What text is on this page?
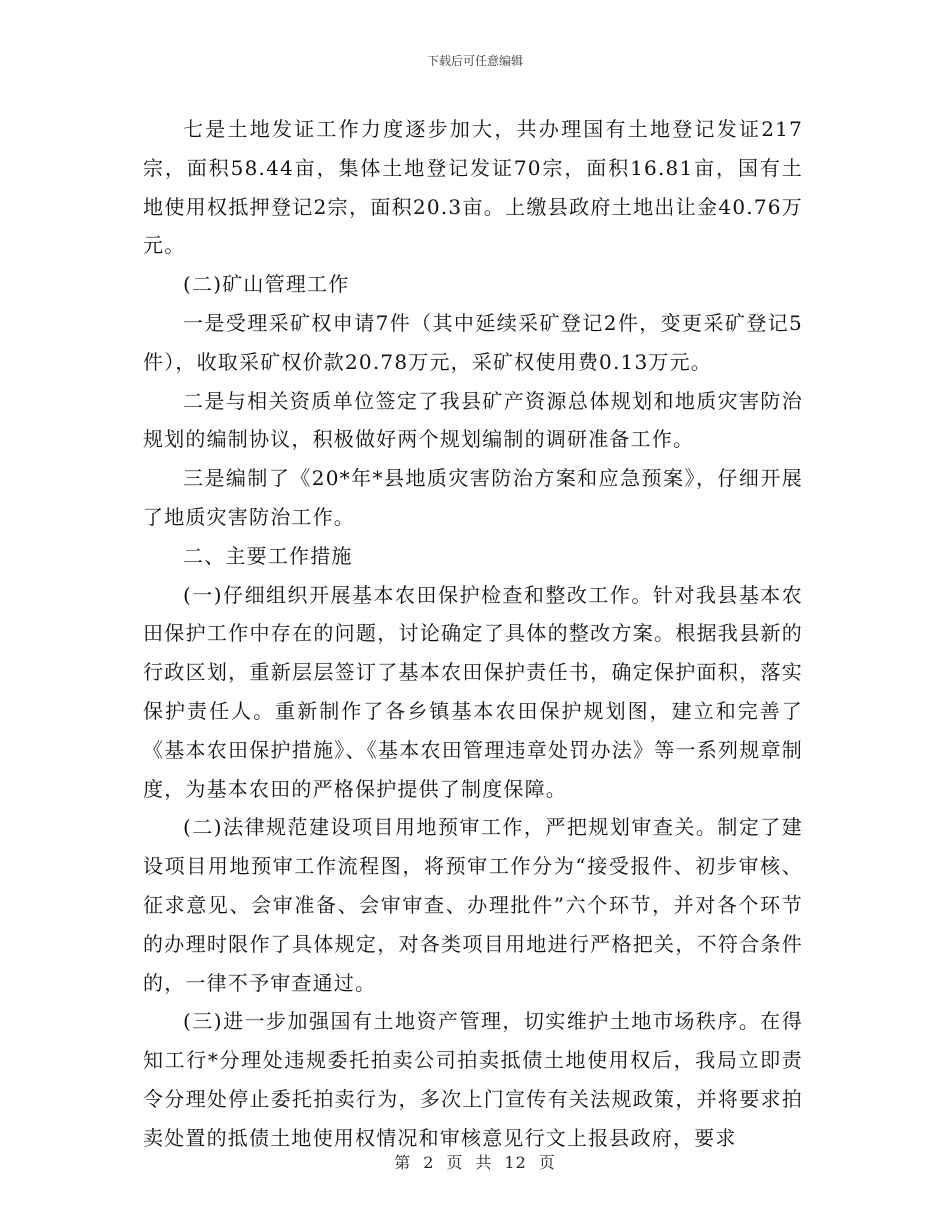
下载后可任意编辑

七是土地发证工作力度逐步加大，共办理国有土地登记发证217宗，面积58.44亩，集体土地登记发证70宗，面积16.81亩，国有土地使用权抵押登记2宗，面积20.3亩。上缴县政府土地出让金40.76万元。

(二)矿山管理工作

一是受理采矿权申请7件（其中延续采矿登记2件，变更采矿登记5件），收取采矿权价款20.78万元，采矿权使用费0.13万元。

二是与相关资质单位签定了我县矿产资源总体规划和地质灾害防治规划的编制协议，积极做好两个规划编制的调研准备工作。

三是编制了《20*年*县地质灾害防治方案和应急预案》，仔细开展了地质灾害防治工作。

二、主要工作措施

(一)仔细组织开展基本农田保护检查和整改工作。针对我县基本农田保护工作中存在的问题，讨论确定了具体的整改方案。根据我县新的行政区划，重新层层签订了基本农田保护责任书，确定保护面积，落实保护责任人。重新制作了各乡镇基本农田保护规划图，建立和完善了《基本农田保护措施》、《基本农田管理违章处罚办法》等一系列规章制度，为基本农田的严格保护提供了制度保障。

(二)法律规范建设项目用地预审工作，严把规划审查关。制定了建设项目用地预审工作流程图，将预审工作分为“接受报件、初步审核、征求意见、会审准备、会审审查、办理批件”六个环节，并对各个环节的办理时限作了具体规定，对各类项目用地进行严格把关，不符合条件的，一律不予审查通过。

(三)进一步加强国有土地资产管理，切实维护土地市场秩序。在得知工行*分理处违规委托拍卖公司拍卖抵债土地使用权后，我局立即责令分理处停止委托拍卖行为，多次上门宣传有关法规政策，并将要求拍卖处置的抵债土地使用权情况和审核意见行文上报县政府，要求

第 2 页 共 12 页
